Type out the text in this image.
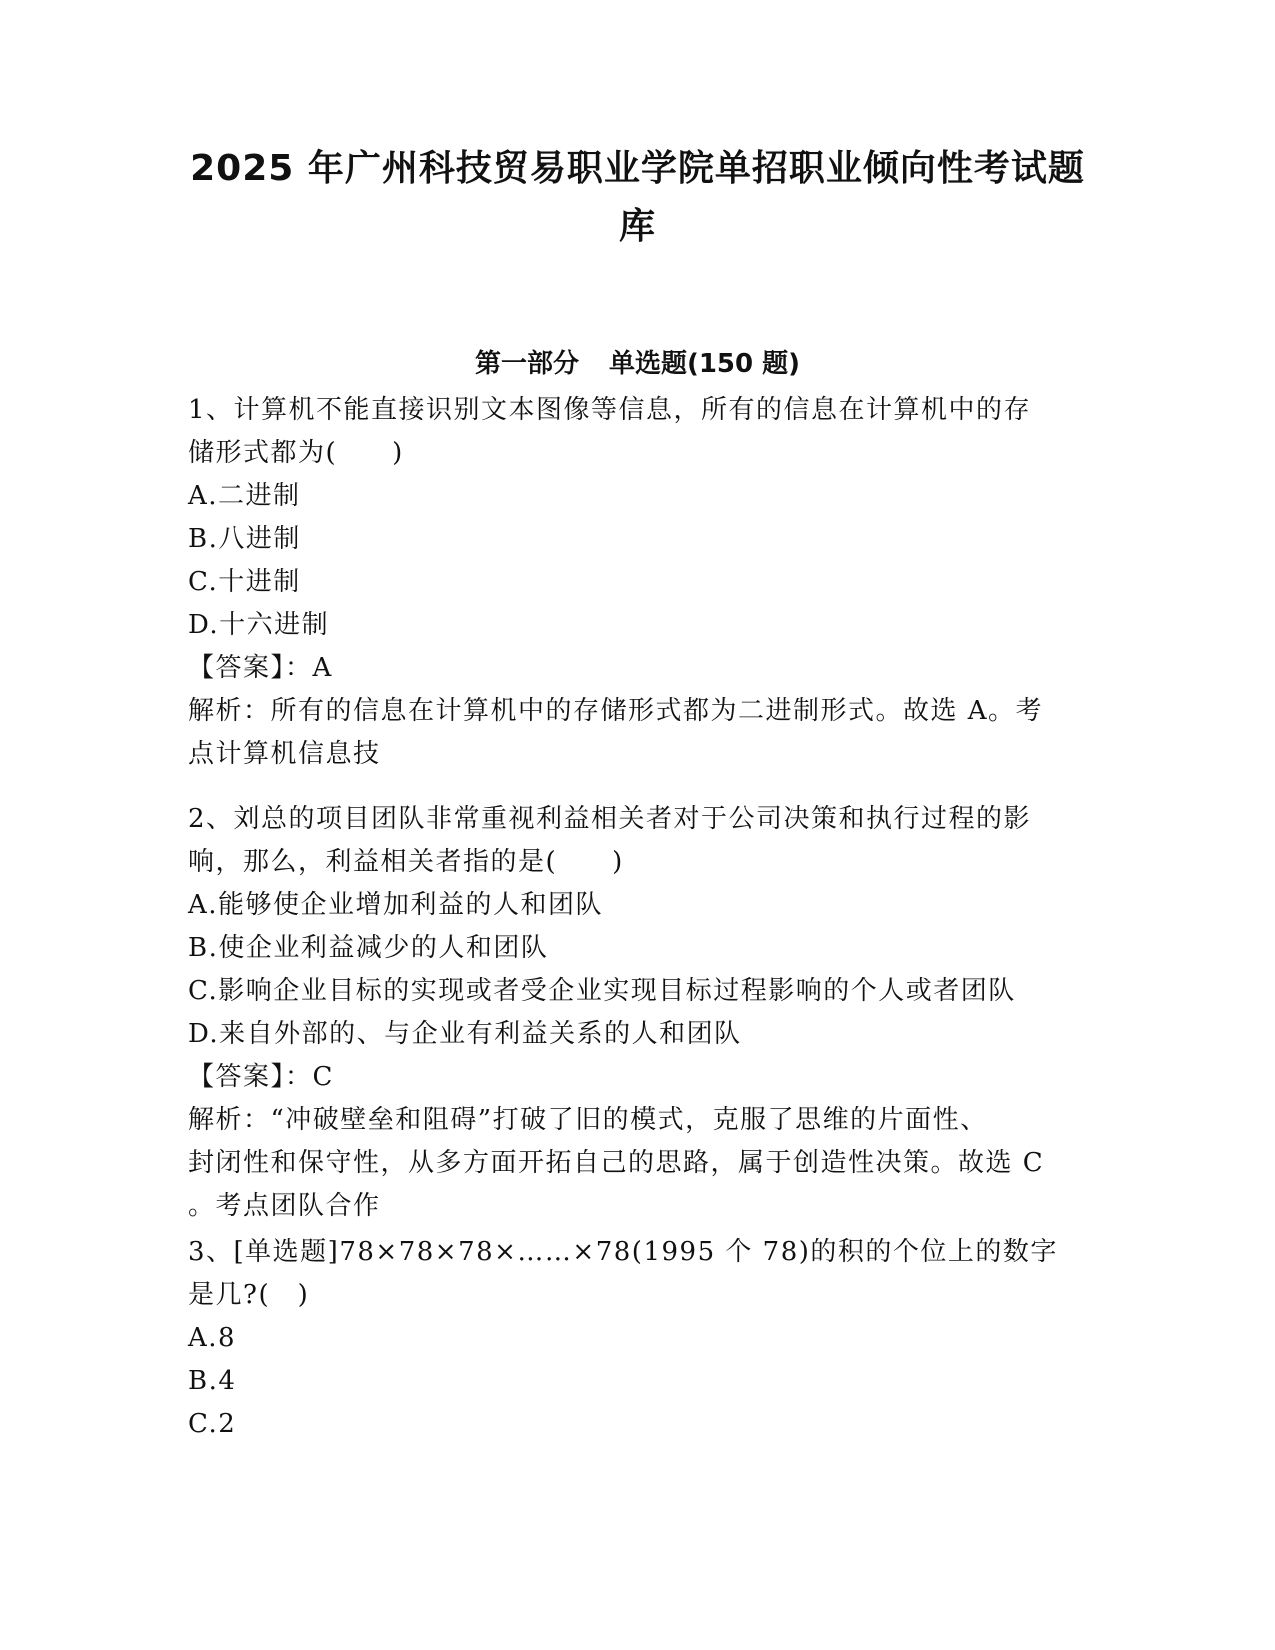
2025 年广州科技贸易职业学院单招职业倾向性考试题
库
第一部分 单选题(150 题)
1、计算机不能直接识别文本图像等信息，所有的信息在计算机中的存
储形式都为(　　)
A.二进制
B.八进制
C.十进制
D.十六进制
【答案】：A
解析：所有的信息在计算机中的存储形式都为二进制形式。故选 A。考
点计算机信息技
2、刘总的项目团队非常重视利益相关者对于公司决策和执行过程的影
响，那么，利益相关者指的是(　　)
A.能够使企业增加利益的人和团队
B.使企业利益减少的人和团队
C.影响企业目标的实现或者受企业实现目标过程影响的个人或者团队
D.来自外部的、与企业有利益关系的人和团队
【答案】：C
解析：“冲破壁垒和阻碍”打破了旧的模式，克服了思维的片面性、
封闭性和保守性，从多方面开拓自己的思路，属于创造性决策。故选 C
。考点团队合作
3、[单选题]78×78×78×……×78(1995 个 78)的积的个位上的数字
是几?(　)
A.8
B.4
C.2
